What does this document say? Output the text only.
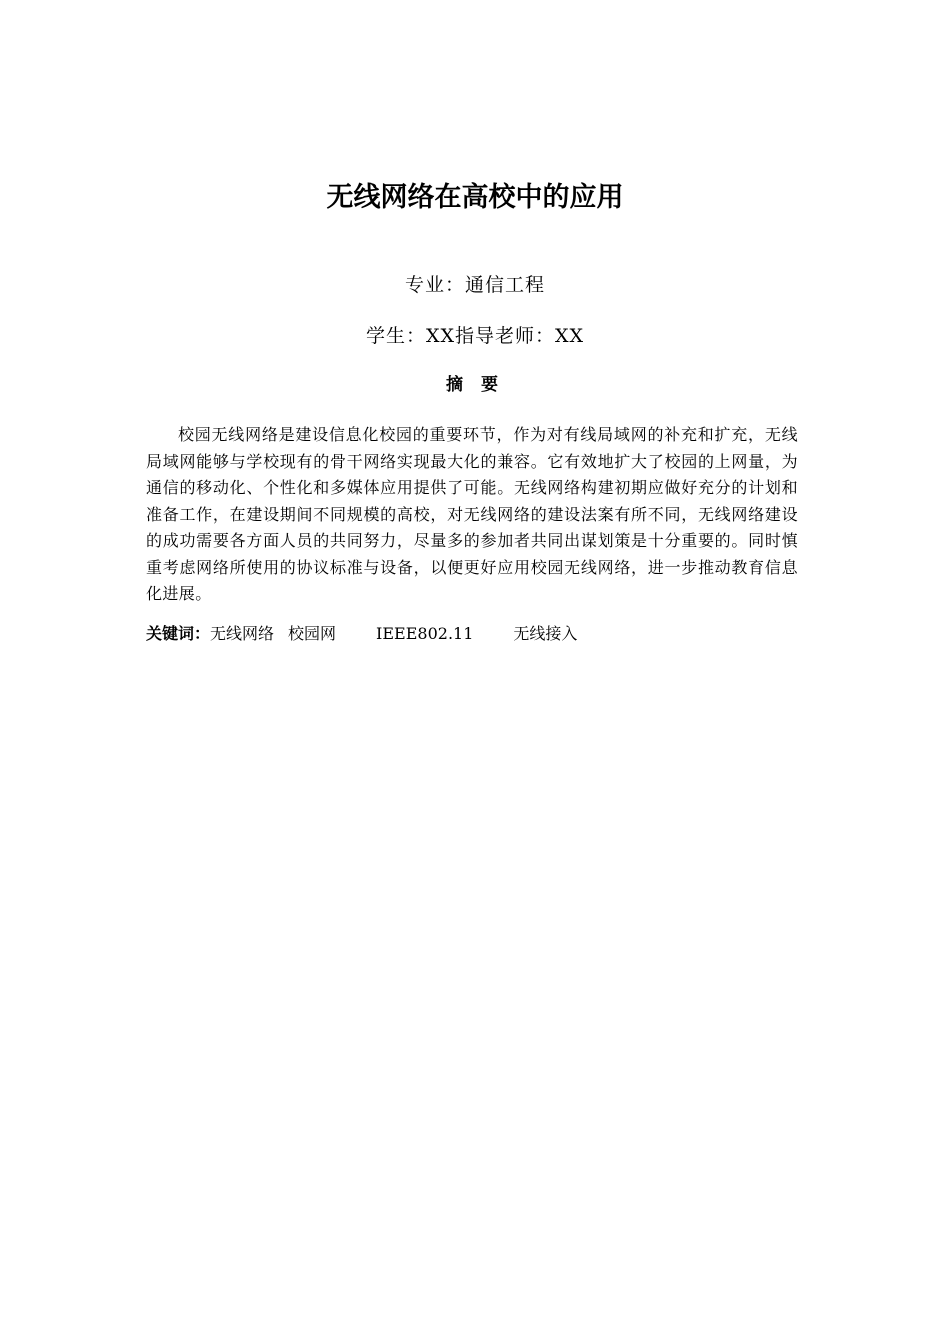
无线网络在高校中的应用
专业：通信工程
学生：XX指导老师：XX
摘 要

校园无线网络是建设信息化校园的重要环节，作为对有线局域网的补充和扩充，无线局域网能够与学校现有的骨干网络实现最大化的兼容。它有效地扩大了校园的上网量，为通信的移动化、个性化和多媒体应用提供了可能。无线网络构建初期应做好充分的计划和准备工作，在建设期间不同规模的高校，对无线网络的建设法案有所不同，无线网络建设的成功需要各方面人员的共同努力，尽量多的参加者共同出谋划策是十分重要的。同时慎重考虑网络所使用的协议标准与设备，以便更好应用校园无线网络，进一步推动教育信息化进展。

关键词：无线网络 校园网	IEEE802.11	无线接入
